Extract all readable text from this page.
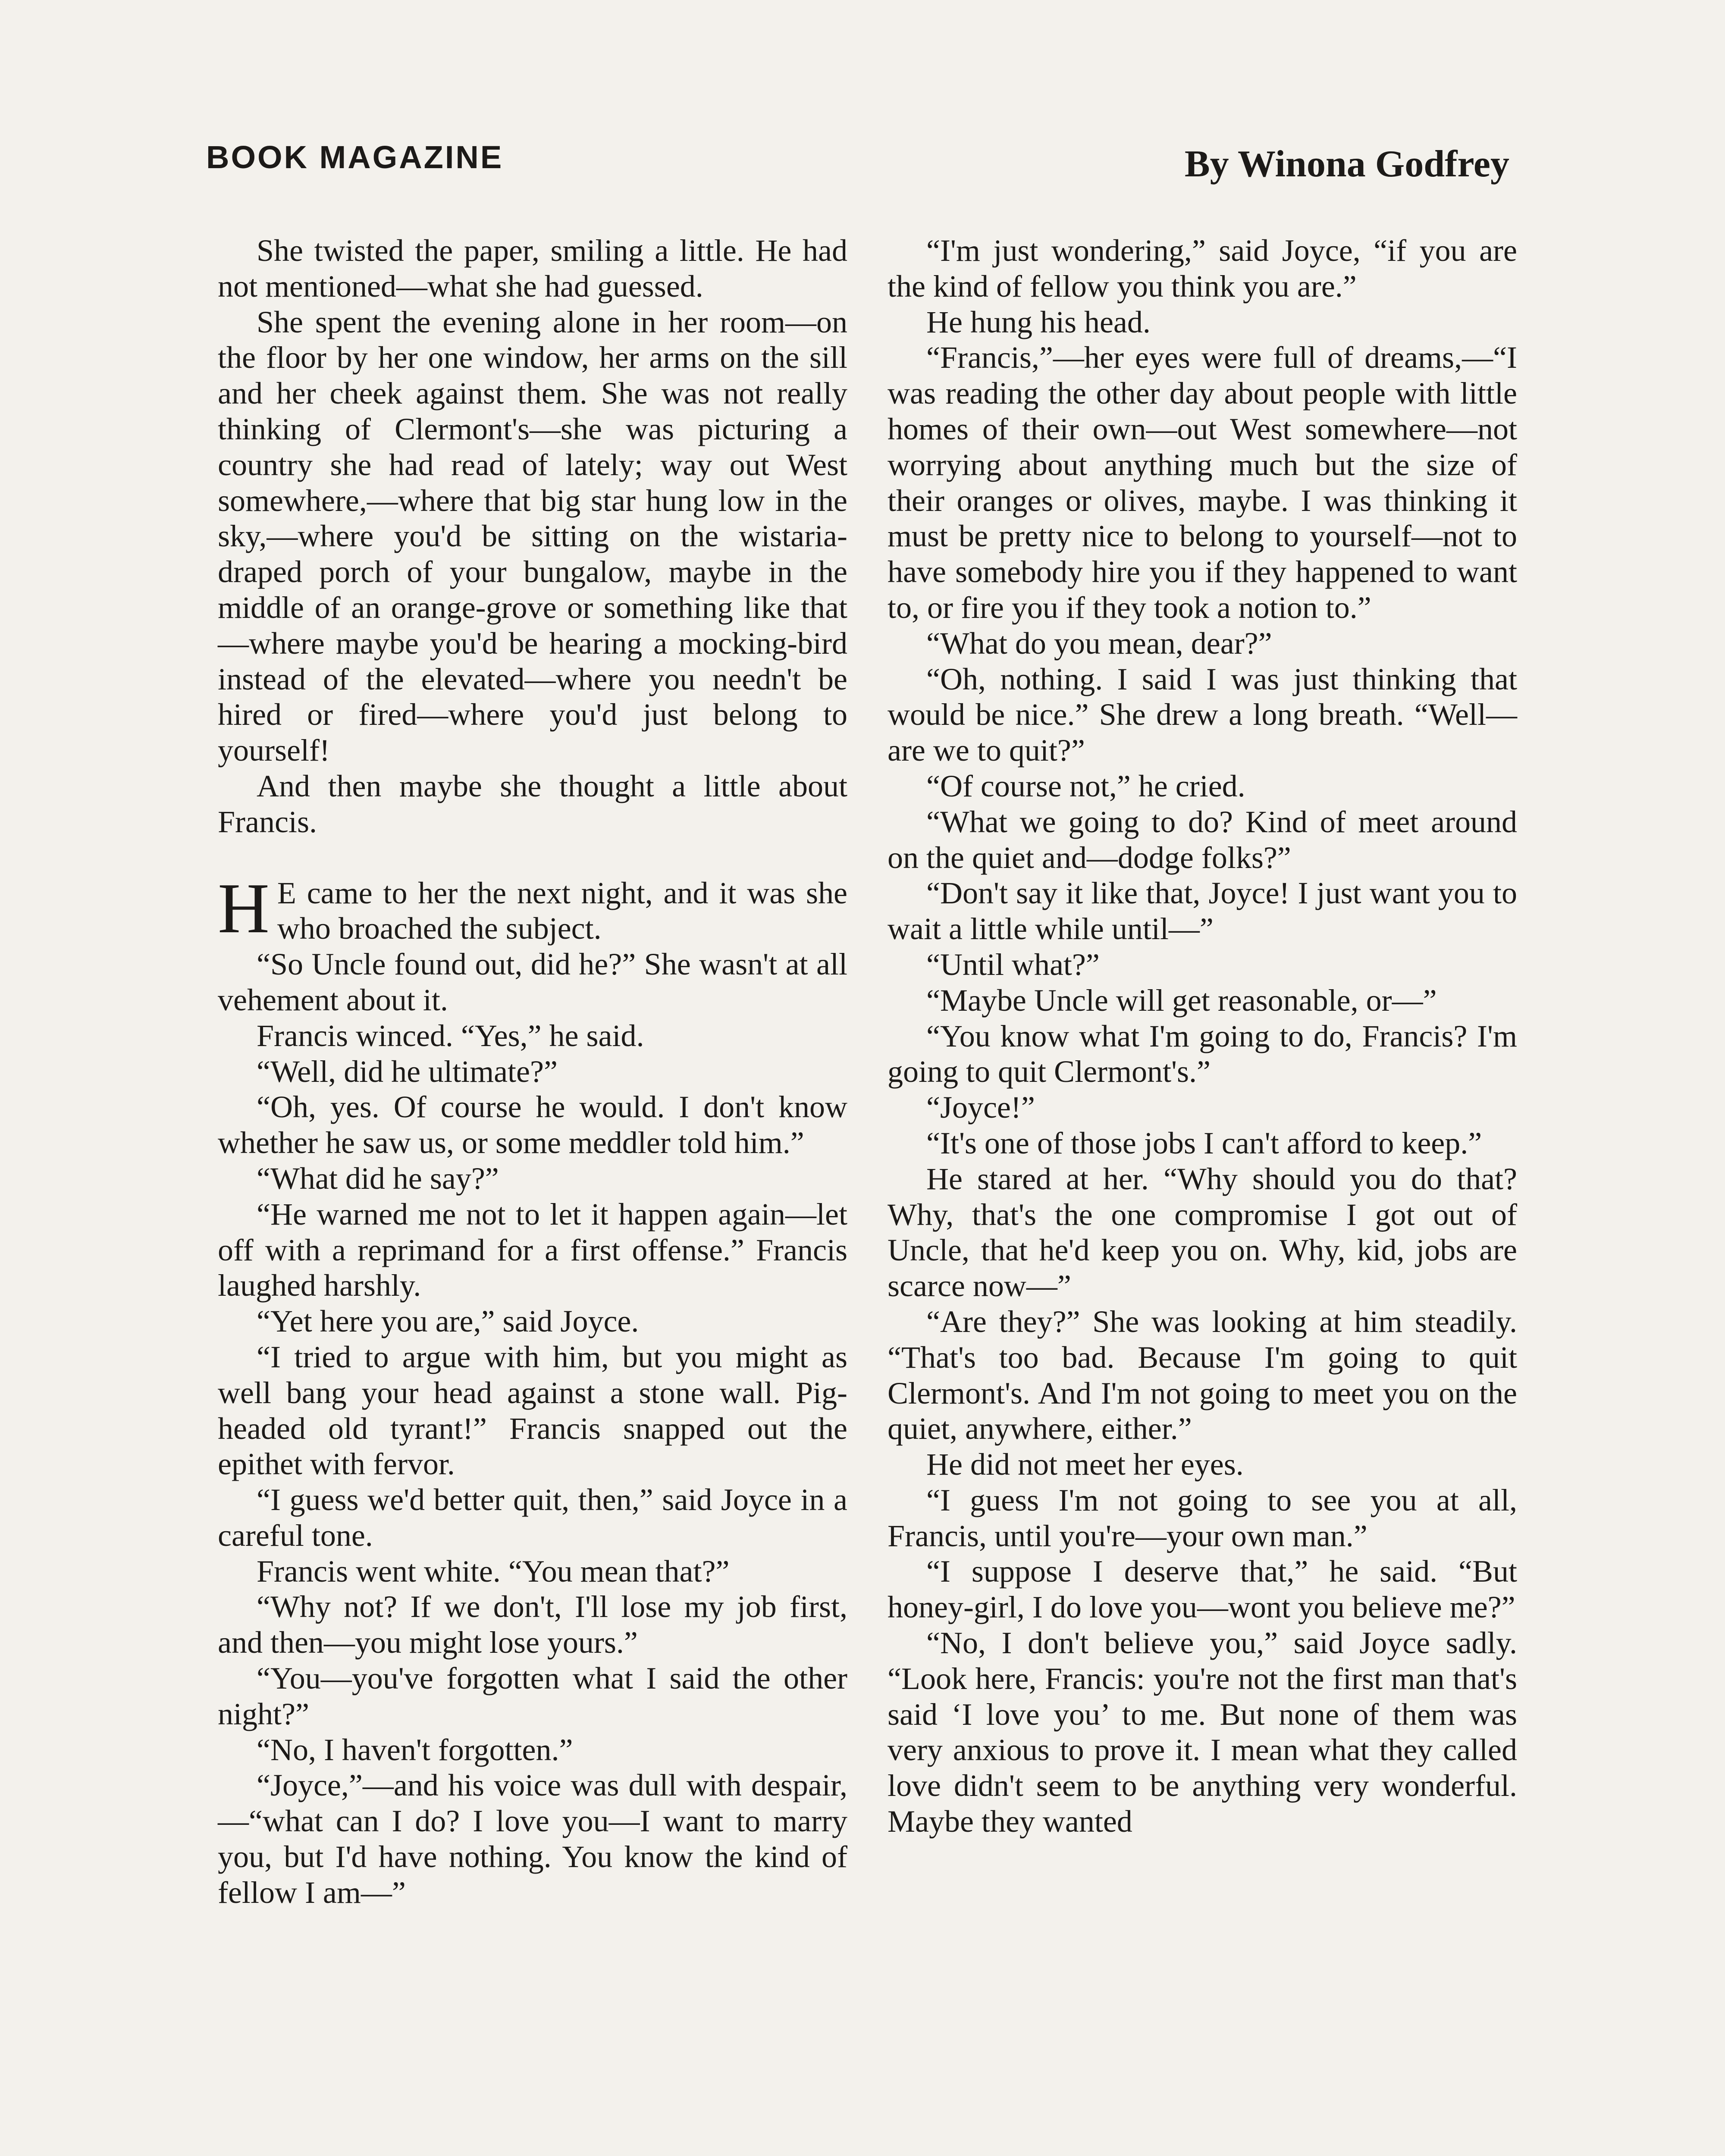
BOOK MAGAZINE	By Winona Godfrey

She twisted the paper, smiling a little. He had not mentioned—what she had guessed.

She spent the evening alone in her room—on the floor by her one window, her arms on the sill and her cheek against them. She was not really thinking of Clermont's—she was picturing a country she had read of lately; way out West somewhere,—where that big star hung low in the sky,—where you'd be sitting on the wistaria-draped porch of your bungalow, maybe in the middle of an orange-grove or something like that—where maybe you'd be hearing a mocking-bird instead of the elevated—where you needn't be hired or fired—where you'd just belong to yourself!

And then maybe she thought a little about Francis.

H E came to her the next night, and it was she who broached the subject.

“So Uncle found out, did he?” She wasn't at all vehement about it.

Francis winced. “Yes,” he said.

“Well, did he ultimate?”

“Oh, yes. Of course he would. I don't know whether he saw us, or some meddler told him.”

“What did he say?”

“He warned me not to let it happen again—let off with a reprimand for a first offense.” Francis laughed harshly.

“Yet here you are,” said Joyce.

“I tried to argue with him, but you might as well bang your head against a stone wall. Pig-headed old tyrant!” Francis snapped out the epithet with fervor.

“I guess we'd better quit, then,” said Joyce in a careful tone.

Francis went white. “You mean that?”

“Why not? If we don't, I'll lose my job first, and then—you might lose yours.”

“You—you've forgotten what I said the other night?”

“No, I haven't forgotten.”

“Joyce,”—and his voice was dull with despair,—“what can I do? I love you—I want to marry you, but I'd have nothing. You know the kind of fellow I am—”

“I'm just wondering,” said Joyce, “if you are the kind of fellow you think you are.”

He hung his head.

“Francis,”—her eyes were full of dreams,—“I was reading the other day about people with little homes of their own—out West somewhere—not worrying about anything much but the size of their oranges or olives, maybe. I was thinking it must be pretty nice to belong to yourself—not to have somebody hire you if they happened to want to, or fire you if they took a notion to.”

“What do you mean, dear?”

“Oh, nothing. I said I was just thinking that would be nice.” She drew a long breath. “Well—are we to quit?”

“Of course not,” he cried.

“What we going to do? Kind of meet around on the quiet and—dodge folks?”

“Don't say it like that, Joyce! I just want you to wait a little while until—”

“Until what?”

“Maybe Uncle will get reasonable, or—”

“You know what I'm going to do, Francis? I'm going to quit Clermont's.”

“Joyce!”

“It's one of those jobs I can't afford to keep.”

He stared at her. “Why should you do that? Why, that's the one compromise I got out of Uncle, that he'd keep you on. Why, kid, jobs are scarce now—”

“Are they?” She was looking at him steadily. “That's too bad. Because I'm going to quit Clermont's. And I'm not going to meet you on the quiet, anywhere, either.”

He did not meet her eyes.

“I guess I'm not going to see you at all, Francis, until you're—your own man.”

“I suppose I deserve that,” he said. “But honey-girl, I do love you—wont you believe me?”

“No, I don't believe you,” said Joyce sadly. “Look here, Francis: you're not the first man that's said ‘I love you’ to me. But none of them was very anxious to prove it. I mean what they called love didn't seem to be anything very wonderful. Maybe they wanted
